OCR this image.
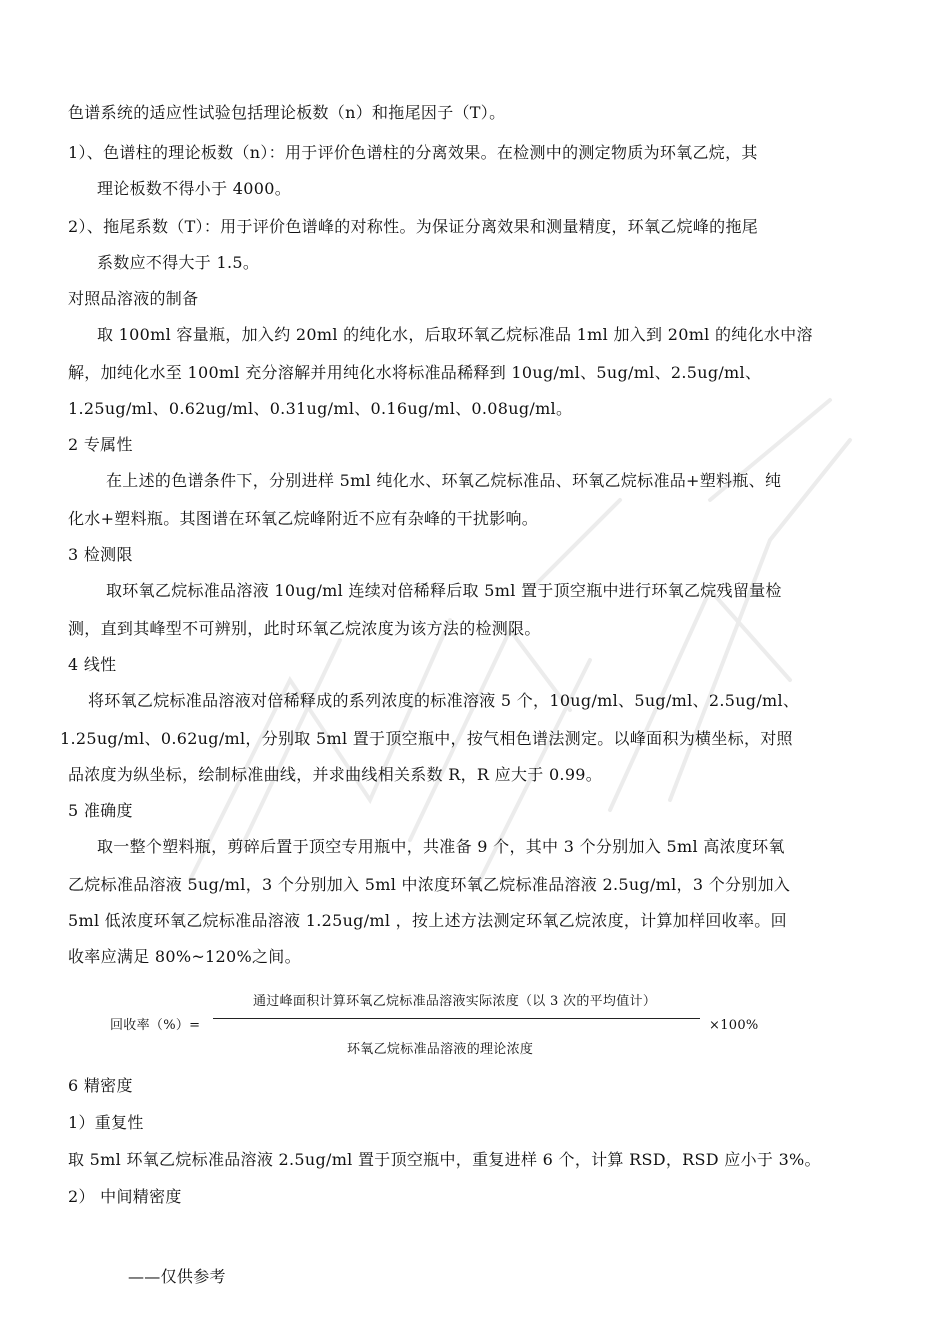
色谱系统的适应性试验包括理论板数（n）和拖尾因子（T）。
1）、色谱柱的理论板数（n）：用于评价色谱柱的分离效果。在检测中的测定物质为环氧乙烷，其
理论板数不得小于 4000。
2）、拖尾系数（T）：用于评价色谱峰的对称性。为保证分离效果和测量精度，环氧乙烷峰的拖尾
系数应不得大于 1.5。
对照品溶液的制备
取 100ml 容量瓶，加入约 20ml 的纯化水，后取环氧乙烷标准品 1ml 加入到 20ml 的纯化水中溶
解，加纯化水至 100ml 充分溶解并用纯化水将标准品稀释到 10ug/ml、5ug/ml、2.5ug/ml、
1.25ug/ml、0.62ug/ml、0.31ug/ml、0.16ug/ml、0.08ug/ml。
2 专属性
在上述的色谱条件下，分别进样 5ml 纯化水、环氧乙烷标准品、环氧乙烷标准品+塑料瓶、纯
化水+塑料瓶。其图谱在环氧乙烷峰附近不应有杂峰的干扰影响。
3 检测限
取环氧乙烷标准品溶液 10ug/ml 连续对倍稀释后取 5ml 置于顶空瓶中进行环氧乙烷残留量检
测，直到其峰型不可辨别，此时环氧乙烷浓度为该方法的检测限。
4 线性
将环氧乙烷标准品溶液对倍稀释成的系列浓度的标准溶液 5 个，10ug/ml、5ug/ml、2.5ug/ml、
1.25ug/ml、0.62ug/ml，分别取 5ml 置于顶空瓶中，按气相色谱法测定。以峰面积为横坐标，对照
品浓度为纵坐标，绘制标准曲线，并求曲线相关系数 R，R 应大于 0.99。
5 准确度
取一整个塑料瓶，剪碎后置于顶空专用瓶中，共准备 9 个，其中 3 个分别加入 5ml 高浓度环氧
乙烷标准品溶液 5ug/ml，3 个分别加入 5ml 中浓度环氧乙烷标准品溶液 2.5ug/ml，3 个分别加入
5ml 低浓度环氧乙烷标准品溶液 1.25ug/ml ，按上述方法测定环氧乙烷浓度，计算加样回收率。回
收率应满足 80%~120%之间。
回收率（%）=
通过峰面积计算环氧乙烷标准品溶液实际浓度（以 3 次的平均值计）
×100%
环氧乙烷标准品溶液的理论浓度
6 精密度
1）重复性
取 5ml 环氧乙烷标准品溶液 2.5ug/ml 置于顶空瓶中，重复进样 6 个，计算 RSD，RSD 应小于 3%。
2） 中间精密度
——仅供参考
